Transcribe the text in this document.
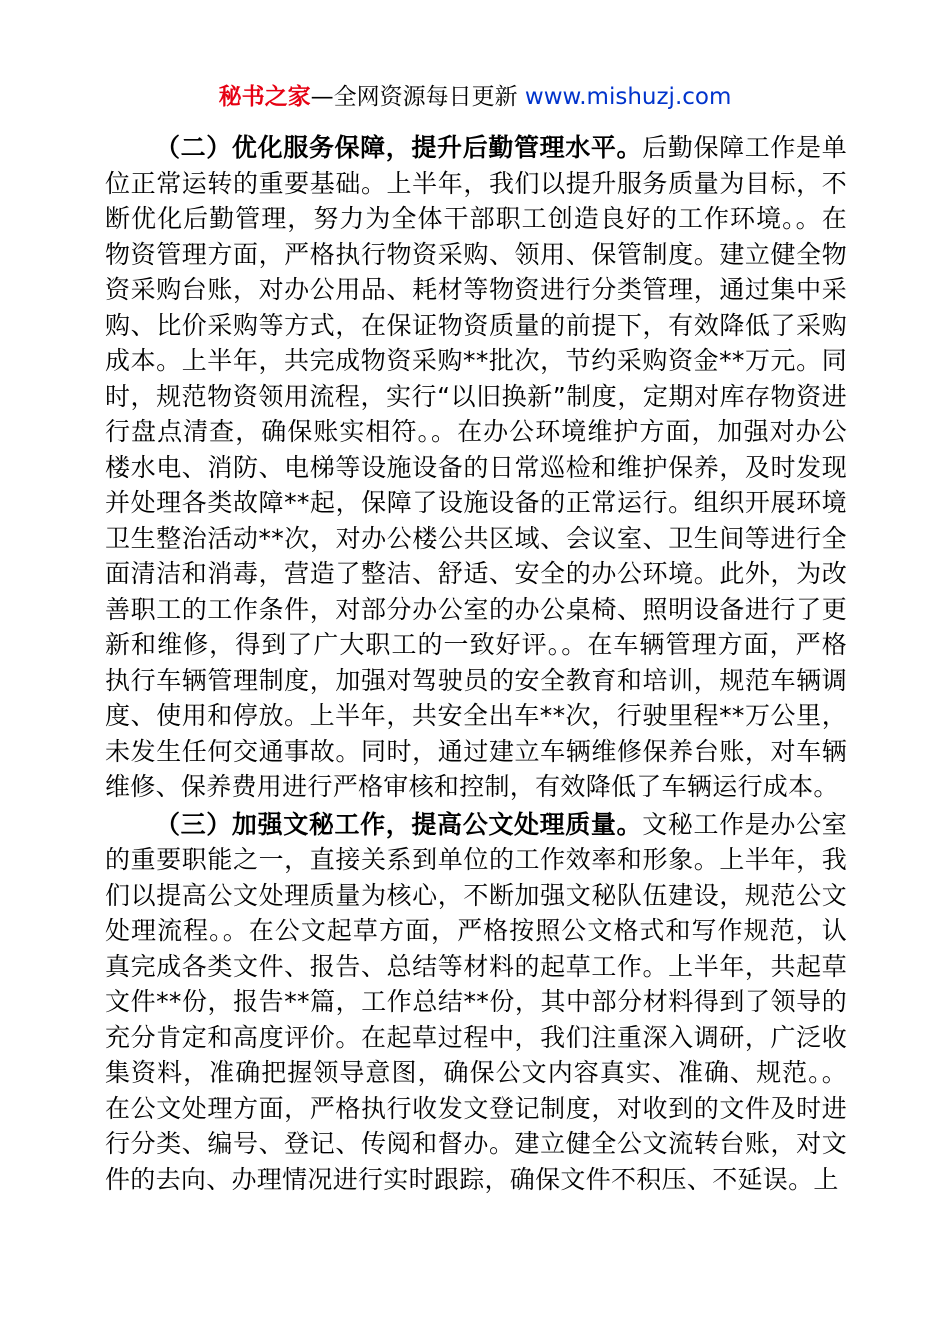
秘书之家—全网资源每日更新 www.mishuzj.com

（二）优化服务保障，提升后勤管理水平。后勤保障工作是单位正常运转的重要基础。上半年，我们以提升服务质量为目标，不断优化后勤管理，努力为全体干部职工创造良好的工作环境。。在物资管理方面，严格执行物资采购、领用、保管制度。建立健全物资采购台账，对办公用品、耗材等物资进行分类管理，通过集中采购、比价采购等方式，在保证物资质量的前提下，有效降低了采购成本。上半年，共完成物资采购**批次，节约采购资金**万元。同时，规范物资领用流程，实行“以旧换新”制度，定期对库存物资进行盘点清查，确保账实相符。。在办公环境维护方面，加强对办公楼水电、消防、电梯等设施设备的日常巡检和维护保养，及时发现并处理各类故障**起，保障了设施设备的正常运行。组织开展环境卫生整治活动**次，对办公楼公共区域、会议室、卫生间等进行全面清洁和消毒，营造了整洁、舒适、安全的办公环境。此外，为改善职工的工作条件，对部分办公室的办公桌椅、照明设备进行了更新和维修，得到了广大职工的一致好评。。在车辆管理方面，严格执行车辆管理制度，加强对驾驶员的安全教育和培训，规范车辆调度、使用和停放。上半年，共安全出车**次，行驶里程**万公里，未发生任何交通事故。同时，通过建立车辆维修保养台账，对车辆维修、保养费用进行严格审核和控制，有效降低了车辆运行成本。

（三）加强文秘工作，提高公文处理质量。文秘工作是办公室的重要职能之一，直接关系到单位的工作效率和形象。上半年，我们以提高公文处理质量为核心，不断加强文秘队伍建设，规范公文处理流程。。在公文起草方面，严格按照公文格式和写作规范，认真完成各类文件、报告、总结等材料的起草工作。上半年，共起草文件**份，报告**篇，工作总结**份，其中部分材料得到了领导的充分肯定和高度评价。在起草过程中，我们注重深入调研，广泛收集资料，准确把握领导意图，确保公文内容真实、准确、规范。。在公文处理方面，严格执行收发文登记制度，对收到的文件及时进行分类、编号、登记、传阅和督办。建立健全公文流转台账，对文件的去向、办理情况进行实时跟踪，确保文件不积压、不延误。上
